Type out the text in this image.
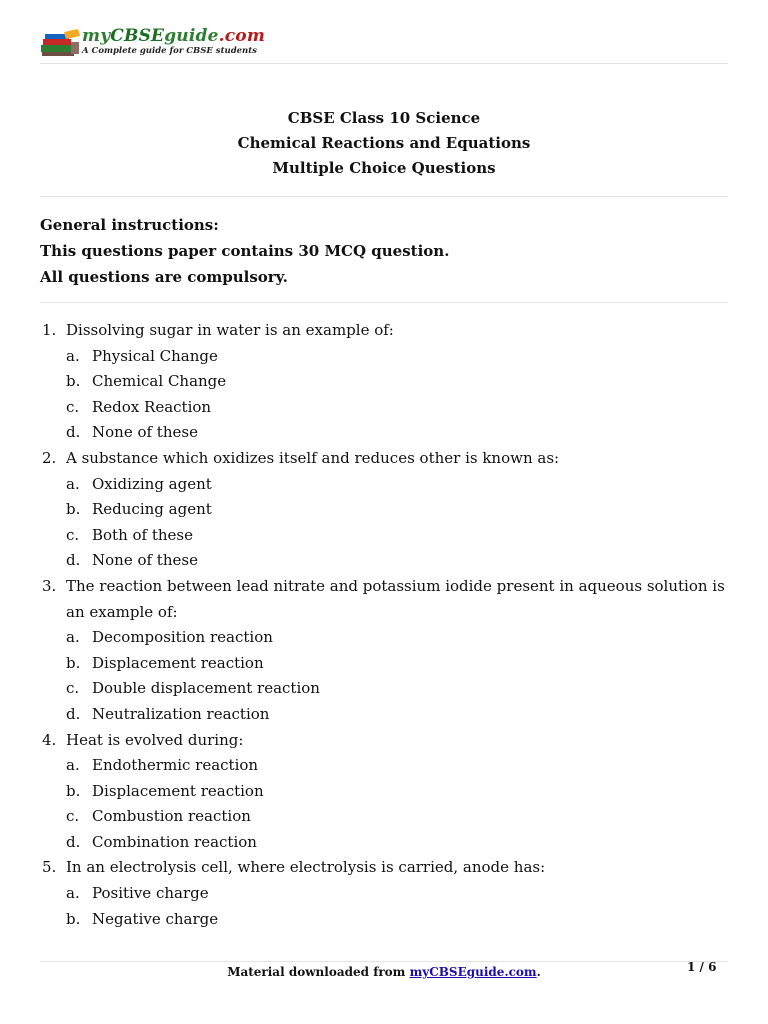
myCBSEguide.com
A Complete guide for CBSE students
CBSE Class 10 Science
Chemical Reactions and Equations
Multiple Choice Questions
General instructions:
This questions paper contains 30 MCQ question.
All questions are compulsory.
1. Dissolving sugar in water is an example of:
a. Physical Change
b. Chemical Change
c. Redox Reaction
d. None of these
2. A substance which oxidizes itself and reduces other is known as:
a. Oxidizing agent
b. Reducing agent
c. Both of these
d. None of these
3. The reaction between lead nitrate and potassium iodide present in aqueous solution is an example of:
a. Decomposition reaction
b. Displacement reaction
c. Double displacement reaction
d. Neutralization reaction
4. Heat is evolved during:
a. Endothermic reaction
b. Displacement reaction
c. Combustion reaction
d. Combination reaction
5. In an electrolysis cell, where electrolysis is carried, anode has:
a. Positive charge
b. Negative charge
Material downloaded from myCBSEguide.com.	1 / 6
